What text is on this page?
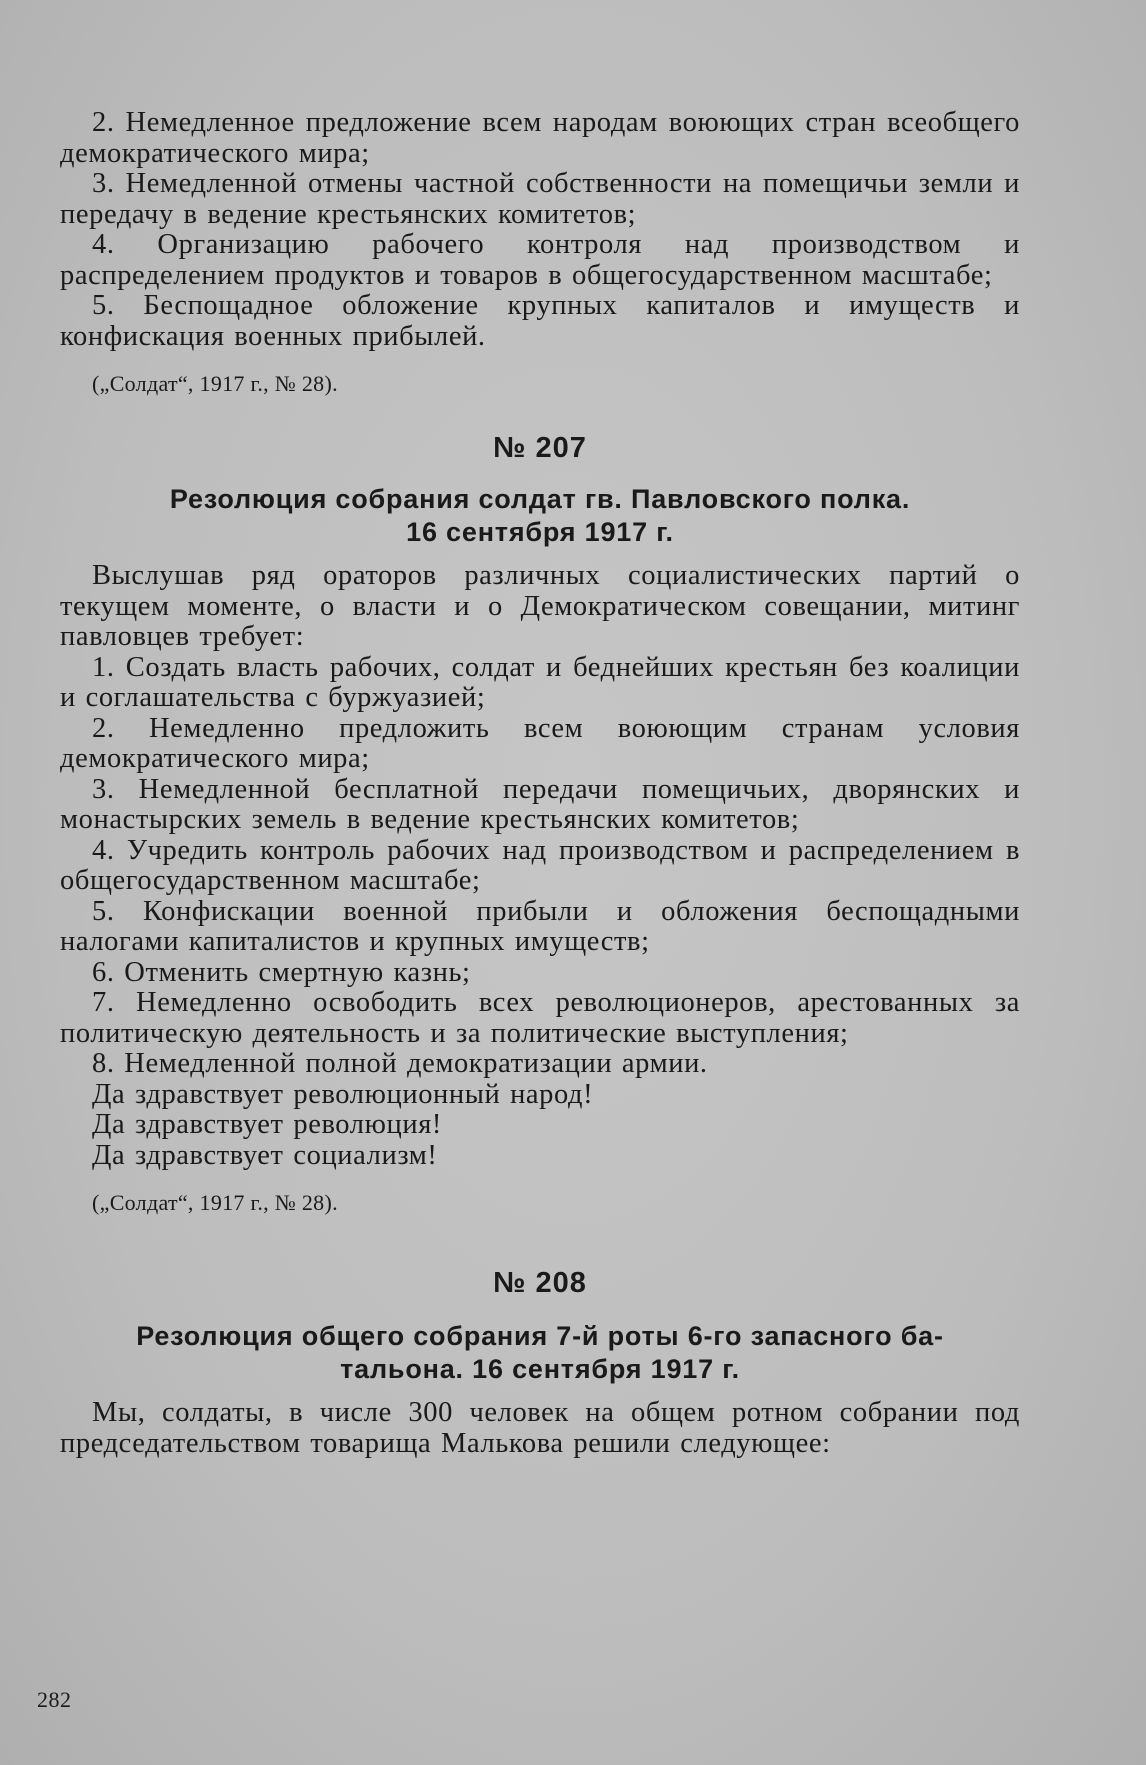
2. Немедленное предложение всем народам воюющих стран всеобщего демократического мира;

3. Немедленной отмены частной собственности на помещичьи земли и передачу в ведение крестьянских комитетов;

4. Организацию рабочего контроля над производством и распределением продуктов и товаров в общегосударственном масштабе;

5. Беспощадное обложение крупных капиталов и имуществ и конфискация военных прибылей.

(„Солдат“, 1917 г., № 28).

№ 207

Резолюция собрания солдат гв. Павловского полка.
16 сентября 1917 г.

Выслушав ряд ораторов различных социалистических партий о текущем моменте, о власти и о Демократическом совещании, митинг павловцев требует:

1. Создать власть рабочих, солдат и беднейших крестьян без коалиции и соглашательства с буржуазией;

2. Немедленно предложить всем воюющим странам условия демократического мира;

3. Немедленной бесплатной передачи помещичьих, дворянских и монастырских земель в ведение крестьянских комитетов;

4. Учредить контроль рабочих над производством и распределением в общегосударственном масштабе;

5. Конфискации военной прибыли и обложения беспощадными налогами капиталистов и крупных имуществ;

6. Отменить смертную казнь;

7. Немедленно освободить всех революционеров, арестованных за политическую деятельность и за политические выступления;

8. Немедленной полной демократизации армии.

Да здравствует революционный народ!

Да здравствует революция!

Да здравствует социализм!

(„Солдат“, 1917 г., № 28).

№ 208

Резолюция общего собрания 7-й роты 6-го запасного ба-
тальона. 16 сентября 1917 г.

Мы, солдаты, в числе 300 человек на общем ротном собрании под председательством товарища Малькова решили следующее:

282
